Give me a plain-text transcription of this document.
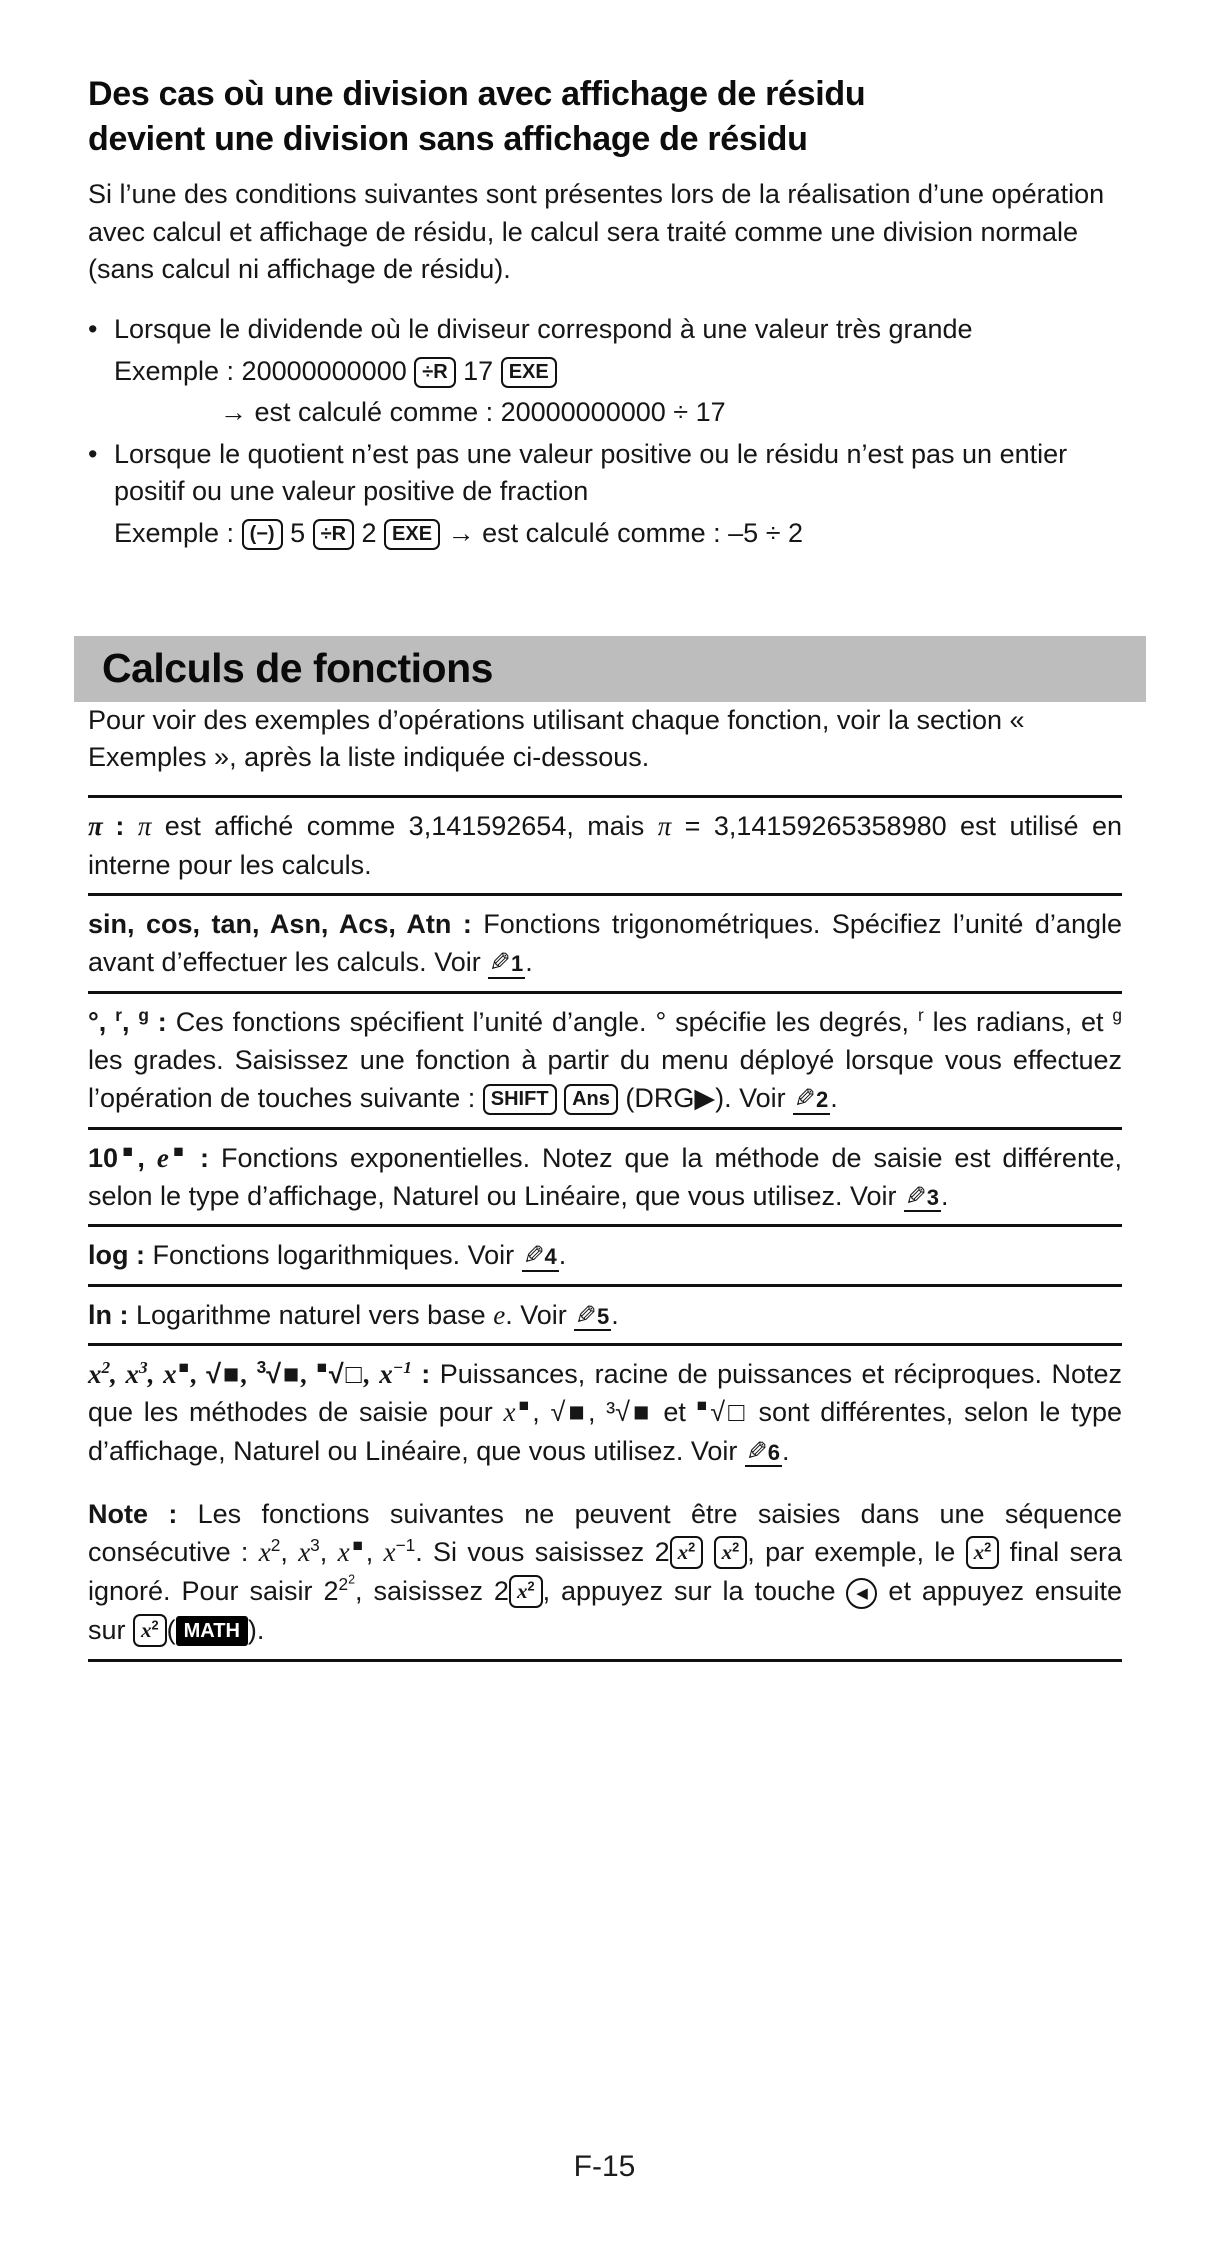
Des cas où une division avec affichage de résidu
devient une division sans affichage de résidu

Si l’une des conditions suivantes sont présentes lors de la réalisation d’une opération avec calcul et affichage de résidu, le calcul sera traité comme une division normale (sans calcul ni affichage de résidu).

• Lorsque le dividende où le diviseur correspond à une valeur très grande
Exemple : 20000000000 ÷R 17 EXE
→ est calculé comme : 20000000000 ÷ 17
• Lorsque le quotient n’est pas une valeur positive ou le résidu n’est pas un entier positif ou une valeur positive de fraction
Exemple : (−) 5 ÷R 2 EXE → est calculé comme : –5 ÷ 2
Calculs de fonctions

Pour voir des exemples d’opérations utilisant chaque fonction, voir la section « Exemples », après la liste indiquée ci-dessous.

π : π est affiché comme 3,141592654, mais π = 3,14159265358980 est utilisé en interne pour les calculs.
sin, cos, tan, Asn, Acs, Atn : Fonctions trigonométriques. Spécifiez l’unité d’angle avant d’effectuer les calculs. Voir ✎1.
°, $^r$, $^g$ : Ces fonctions spécifient l’unité d’angle. ° spécifie les degrés, $^r$ les radians, et $^g$ les grades. Saisissez une fonction à partir du menu déployé lorsque vous effectuez l’opération de touches suivante : SHIFT Ans (DRG▶). Voir ✎2.
10■, e■ : Fonctions exponentielles. Notez que la méthode de saisie est différente, selon le type d’affichage, Naturel ou Linéaire, que vous utilisez. Voir ✎3.
log : Fonctions logarithmiques. Voir ✎4.
ln : Logarithme naturel vers base e. Voir ✎5.
$x^2$, $x^3$, x■, √■, $^3$√■, ■√□, $x^{-1}$ : Puissances, racine de puissances et réciproques. Notez que les méthodes de saisie pour x■, √■, ³√■ et ■√□ sont différentes, selon le type d’affichage, Naturel ou Linéaire, que vous utilisez. Voir ✎6.
Note : Les fonctions suivantes ne peuvent être saisies dans une séquence consécutive : $x^2$, $x^3$, x■, $x^{-1}$. Si vous saisissez 2 $x^2$ $x^2$ , par exemple, le $x^2$ final sera ignoré. Pour saisir $2^{2^2}$, saisissez 2 $x^2$ , appuyez sur la touche ◀ et appuyez ensuite sur $x^2$ ( MATH ).
F-15
